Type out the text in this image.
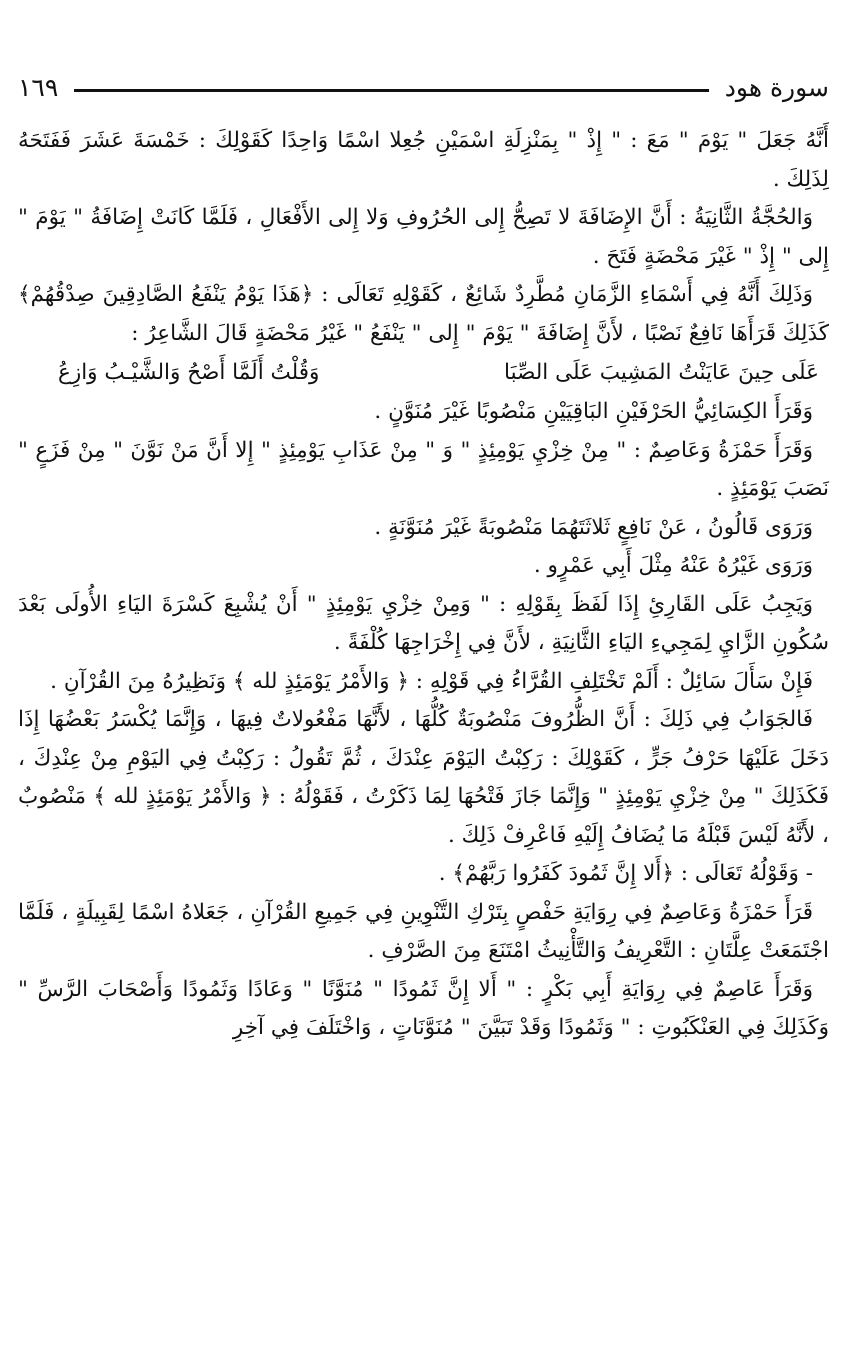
سورة هود
١٦٩

أَنَّهُ جَعَلَ " يَوْمَ " مَعَ : " إِذْ " بِمَنْزِلَةِ اسْمَيْنِ جُعِلا اسْمًا وَاحِدًا كَقَوْلِكَ : خَمْسَةَ عَشَرَ فَفَتَحَهُ لِذَلِكَ .

وَالحُجَّةُ الثَّانِيَةُ : أَنَّ الإِضَافَةَ لا تَصِحُّ إِلى الحُرُوفِ وَلا إِلى الأَفْعَالِ ، فَلَمَّا كَانَتْ إِضَافَةُ " يَوْمَ " إِلى " إِذْ " غَيْرَ مَحْضَةٍ فَتَحَ .

وَذَلِكَ أَنَّهُ فِي أَسْمَاءِ الزَّمَانِ مُطَّرِدٌ شَائِعٌ ، كَقَوْلِهِ تَعَالَى : ﴿هَذَا يَوْمُ يَنْفَعُ الصَّادِقِينَ صِدْقُهُمْ﴾ كَذَلِكَ قَرَأَهَا نَافِعٌ نَصْبًا ، لأَنَّ إِضَافَةَ " يَوْمَ " إِلى " يَنْفَعُ " غَيْرُ مَحْضَةٍ قَالَ الشَّاعِرُ :

عَلَى حِينَ عَايَنْتُ المَشِيبَ عَلَى الصِّبَا
وَقُلْتُ أَلَمَّا أَصْحُ وَالشَّيْـبُ وَازِعُ

وَقَرَأَ الكِسَائِيُّ الحَرْفَيْنِ البَاقِيَيْنِ مَنْصُوبًا غَيْرَ مُنَوَّنٍ .

وَقَرَأَ حَمْزَةُ وَعَاصِمٌ : " مِنْ خِزْيِ يَوْمِئِذٍ " وَ " مِنْ عَذَابِ يَوْمِئِذٍ " إِلا أَنَّ مَنْ نَوَّنَ " مِنْ فَزَعٍ " نَصَبَ يَوْمَئِذٍ .

وَرَوَى قَالُونُ ، عَنْ نَافِعٍ ثَلاثَتَهُمَا مَنْصُوبَةً غَيْرَ مُنَوَّنَةٍ .

وَرَوَى غَيْرُهُ عَنْهُ مِثْلَ أَبِي عَمْرٍو .

وَيَجِبُ عَلَى القَارِئِ إِذَا لَفَظَ بِقَوْلِهِ : " وَمِنْ خِزْيِ يَوْمِئِذٍ " أَنْ يُشْبِعَ كَسْرَةَ اليَاءِ الأُولَى بَعْدَ سُكُونِ الزَّايِ لِمَجِيءِ اليَاءِ الثَّانِيَةِ ، لأَنَّ فِي إِخْرَاجِهَا كُلْفَةً .

فَإِنْ سَأَلَ سَائِلٌ : أَلَمْ تَخْتَلِفِ القُرَّاءُ فِي قَوْلِهِ : ﴿ وَالأَمْرُ يَوْمَئِذٍ لله ﴾ وَنَظِيرُهُ مِنَ القُرْآنِ .

فَالجَوَابُ فِي ذَلِكَ : أَنَّ الظُّرُوفَ مَنْصُوبَةٌ كُلُّهَا ، لأَنَّهَا مَفْعُولاتٌ فِيهَا ، وَإِنَّمَا يُكْسَرُ بَعْضُهَا إِذَا دَخَلَ عَلَيْهَا حَرْفُ جَرٍّ ، كَقَوْلِكَ : رَكِبْتُ اليَوْمَ عِنْدَكَ ، ثُمَّ تَقُولُ : رَكِبْتُ فِي اليَوْمِ مِنْ عِنْدِكَ ، فَكَذَلِكَ " مِنْ خِزْيِ يَوْمِئِذٍ " وَإِنَّمَا جَازَ فَتْحُهَا لِمَا ذَكَرْتُ ، فَقَوْلُهُ : ﴿ وَالأَمْرُ يَوْمَئِذٍ لله ﴾ مَنْصُوبٌ ، لأَنَّهُ لَيْسَ قَبْلَهُ مَا يُضَافُ إِلَيْهِ فَاعْرِفْ ذَلِكَ .

- وَقَوْلُهُ تَعَالَى : ﴿أَلا إِنَّ ثَمُودَ كَفَرُوا رَبَّهُمْ﴾ .

قَرَأَ حَمْزَةُ وَعَاصِمٌ فِي رِوَايَةِ حَفْصٍ بِتَرْكِ التَّنْوِينِ فِي جَمِيعِ القُرْآنِ ، جَعَلاهُ اسْمًا لِقَبِيلَةٍ ، فَلَمَّا اجْتَمَعَتْ عِلَّتَانِ : التَّعْرِيفُ وَالتَّأْنِيثُ امْتَنَعَ مِنَ الصَّرْفِ .

وَقَرَأَ عَاصِمٌ فِي رِوَايَةِ أَبِي بَكْرٍ : " أَلا إِنَّ ثَمُودًا " مُنَوَّنًا " وَعَادًا وَثَمُودًا وَأَصْحَابَ الرَّسِّ " وَكَذَلِكَ فِي العَنْكَبُوتِ : " وَثَمُودًا وَقَدْ تَبَيَّنَ " مُنَوَّنَاتٍ ، وَاخْتَلَفَ فِي آخِرِ
